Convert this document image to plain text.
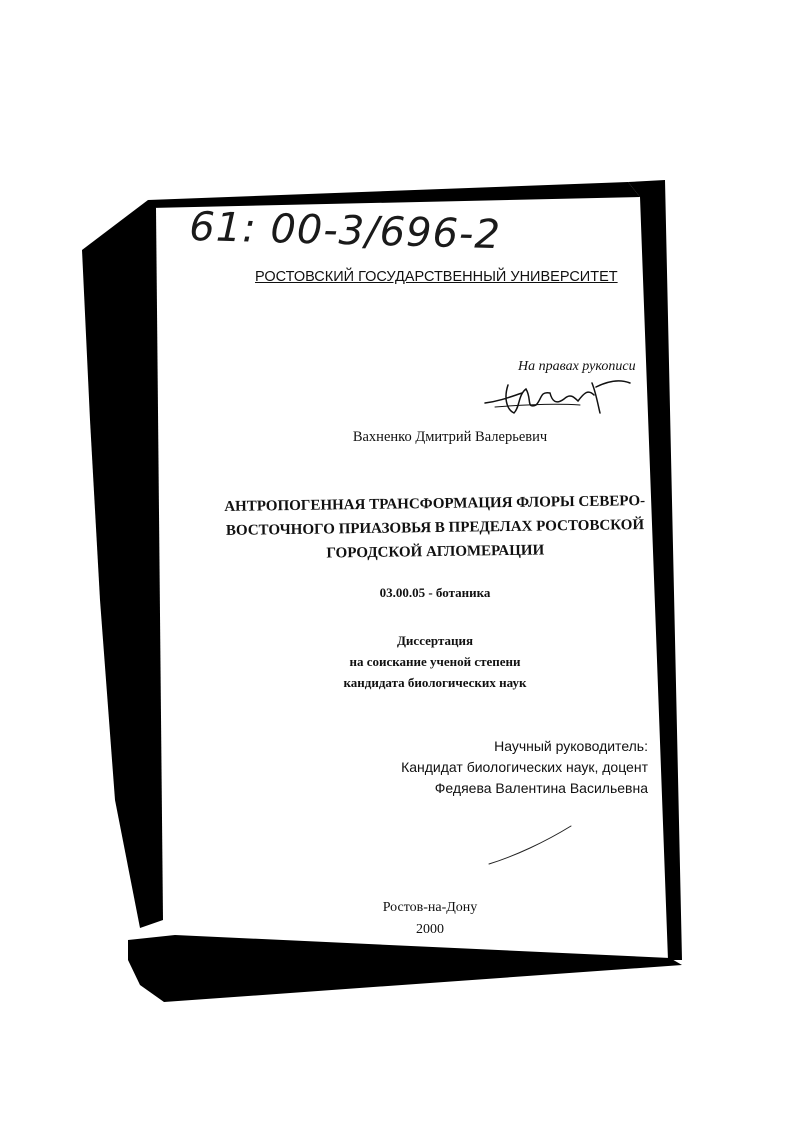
61: 00-3/696-2
РОСТОВСКИЙ ГОСУДАРСТВЕННЫЙ УНИВЕРСИТЕТ
На правах рукописи
Вахненко Дмитрий Валерьевич
АНТРОПОГЕННАЯ ТРАНСФОРМАЦИЯ ФЛОРЫ СЕВЕРО-
ВОСТОЧНОГО ПРИАЗОВЬЯ В ПРЕДЕЛАХ РОСТОВСКОЙ
ГОРОДСКОЙ АГЛОМЕРАЦИИ
03.00.05 - ботаника
Диссертация
на соискание ученой степени
кандидата биологических наук
Научный руководитель:
Кандидат биологических наук, доцент
Федяева Валентина Васильевна
Ростов-на-Дону
2000
